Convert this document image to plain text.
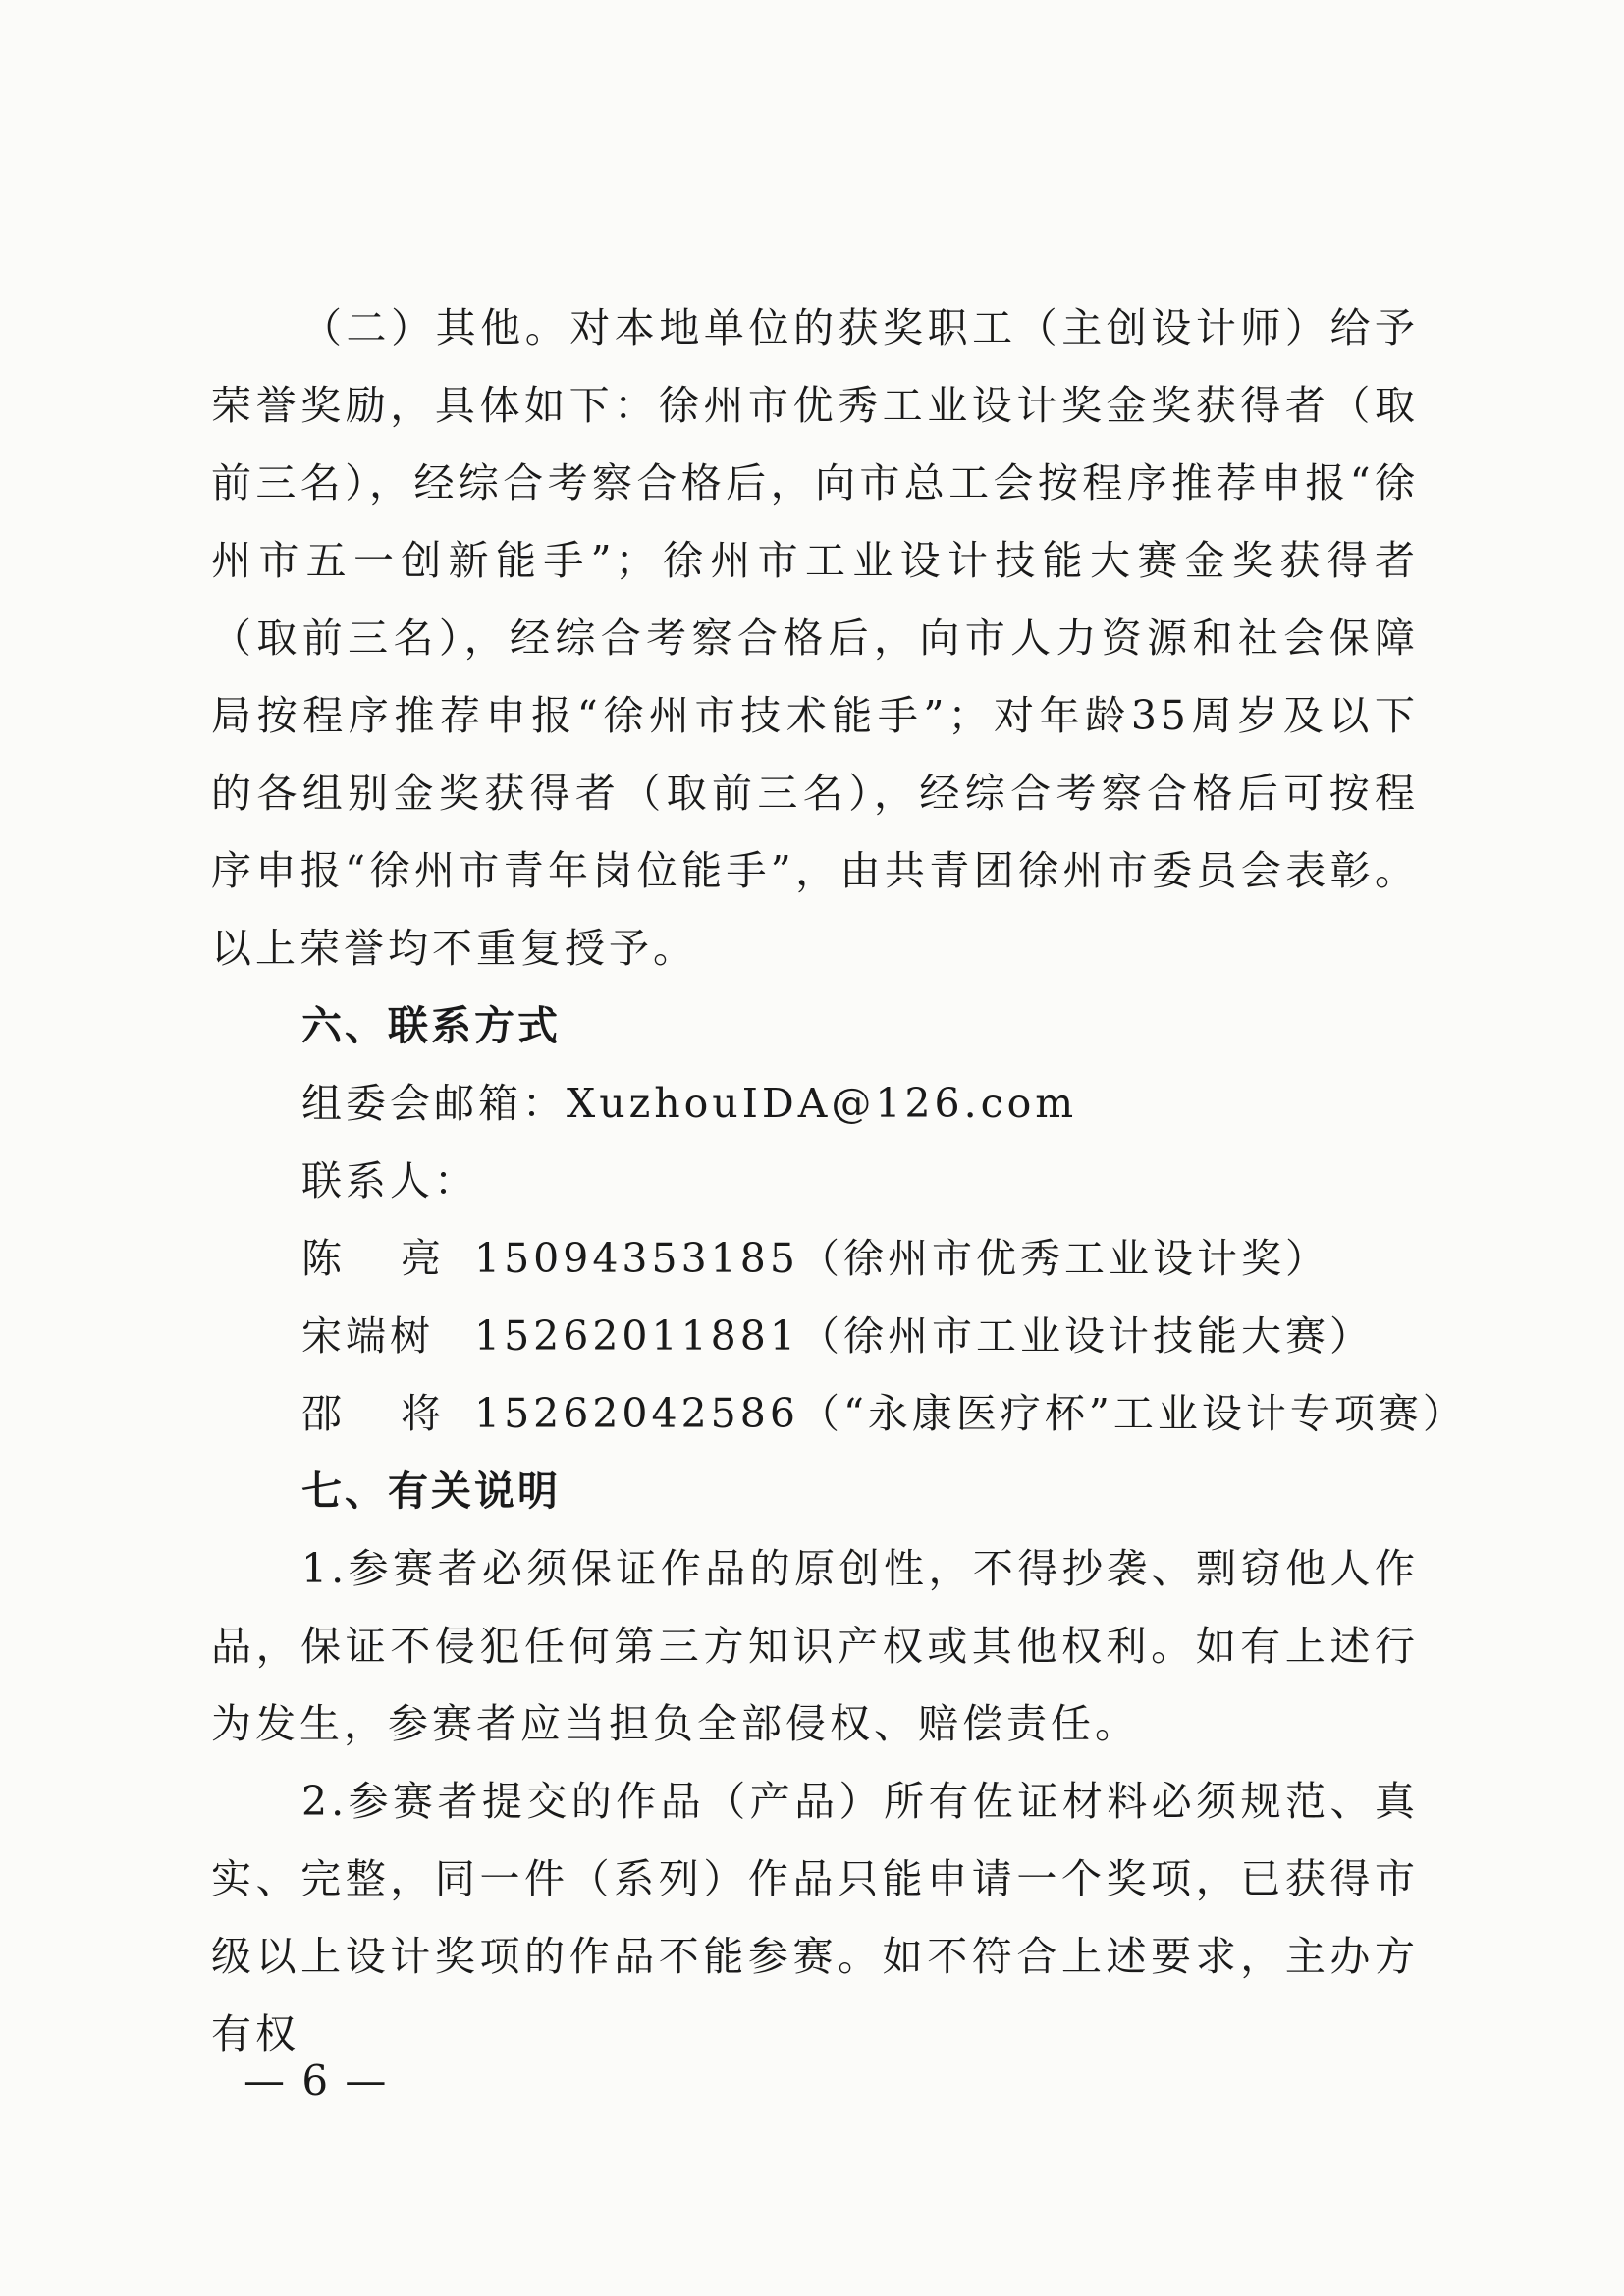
（二）其他。对本地单位的获奖职工（主创设计师）给予荣誉奖励，具体如下：徐州市优秀工业设计奖金奖获得者（取前三名），经综合考察合格后，向市总工会按程序推荐申报“徐州市五一创新能手”；徐州市工业设计技能大赛金奖获得者（取前三名），经综合考察合格后，向市人力资源和社会保障局按程序推荐申报“徐州市技术能手”；对年龄35周岁及以下的各组别金奖获得者（取前三名），经综合考察合格后可按程序申报“徐州市青年岗位能手”，由共青团徐州市委员会表彰。以上荣誉均不重复授予。

六、联系方式

组委会邮箱：XuzhouIDA@126.com

联系人：

陈亮
15094353185 （徐州市优秀工业设计奖）

宋端树	15262011881 （徐州市工业设计技能大赛）

邵将
15262042586 （“永康医疗杯”工业设计专项赛）

七、有关说明

1.参赛者必须保证作品的原创性，不得抄袭、剽窃他人作品，保证不侵犯任何第三方知识产权或其他权利。如有上述行为发生，参赛者应当担负全部侵权、赔偿责任。

2.参赛者提交的作品（产品）所有佐证材料必须规范、真实、完整，同一件（系列）作品只能申请一个奖项，已获得市级以上设计奖项的作品不能参赛。如不符合上述要求，主办方有权

— 6 —
